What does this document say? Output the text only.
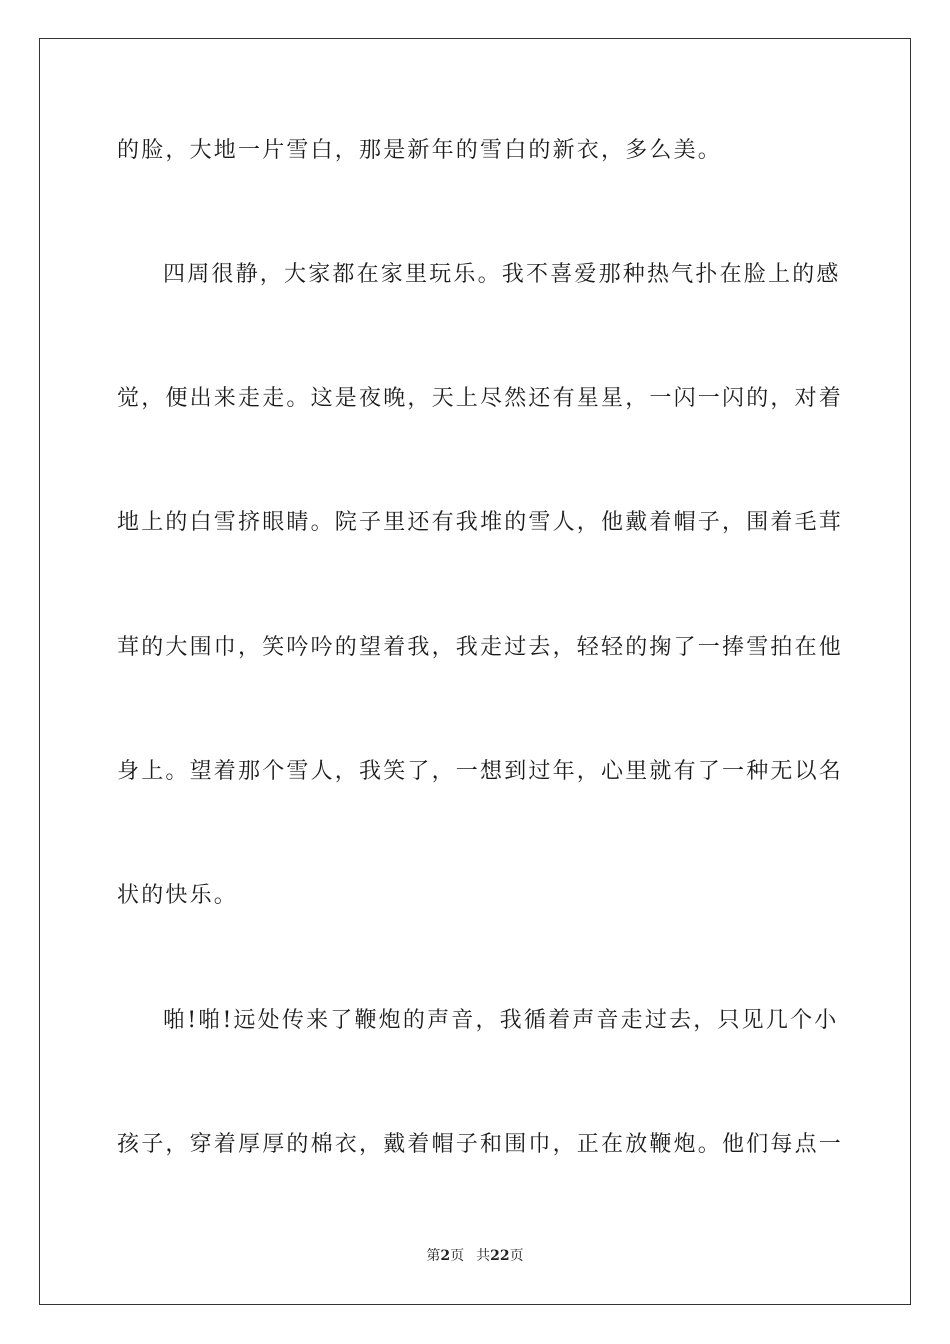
的脸，大地一片雪白，那是新年的雪白的新衣，多么美。
四周很静，大家都在家里玩乐。我不喜爱那种热气扑在脸上的感
觉，便出来走走。这是夜晚，天上尽然还有星星，一闪一闪的，对着
地上的白雪挤眼睛。院子里还有我堆的雪人，他戴着帽子，围着毛茸
茸的大围巾，笑吟吟的望着我，我走过去，轻轻的掬了一捧雪拍在他
身上。望着那个雪人，我笑了，一想到过年，心里就有了一种无以名
状的快乐。
啪!啪!远处传来了鞭炮的声音，我循着声音走过去，只见几个小
孩子，穿着厚厚的棉衣，戴着帽子和围巾，正在放鞭炮。他们每点一
第2页 共22页
